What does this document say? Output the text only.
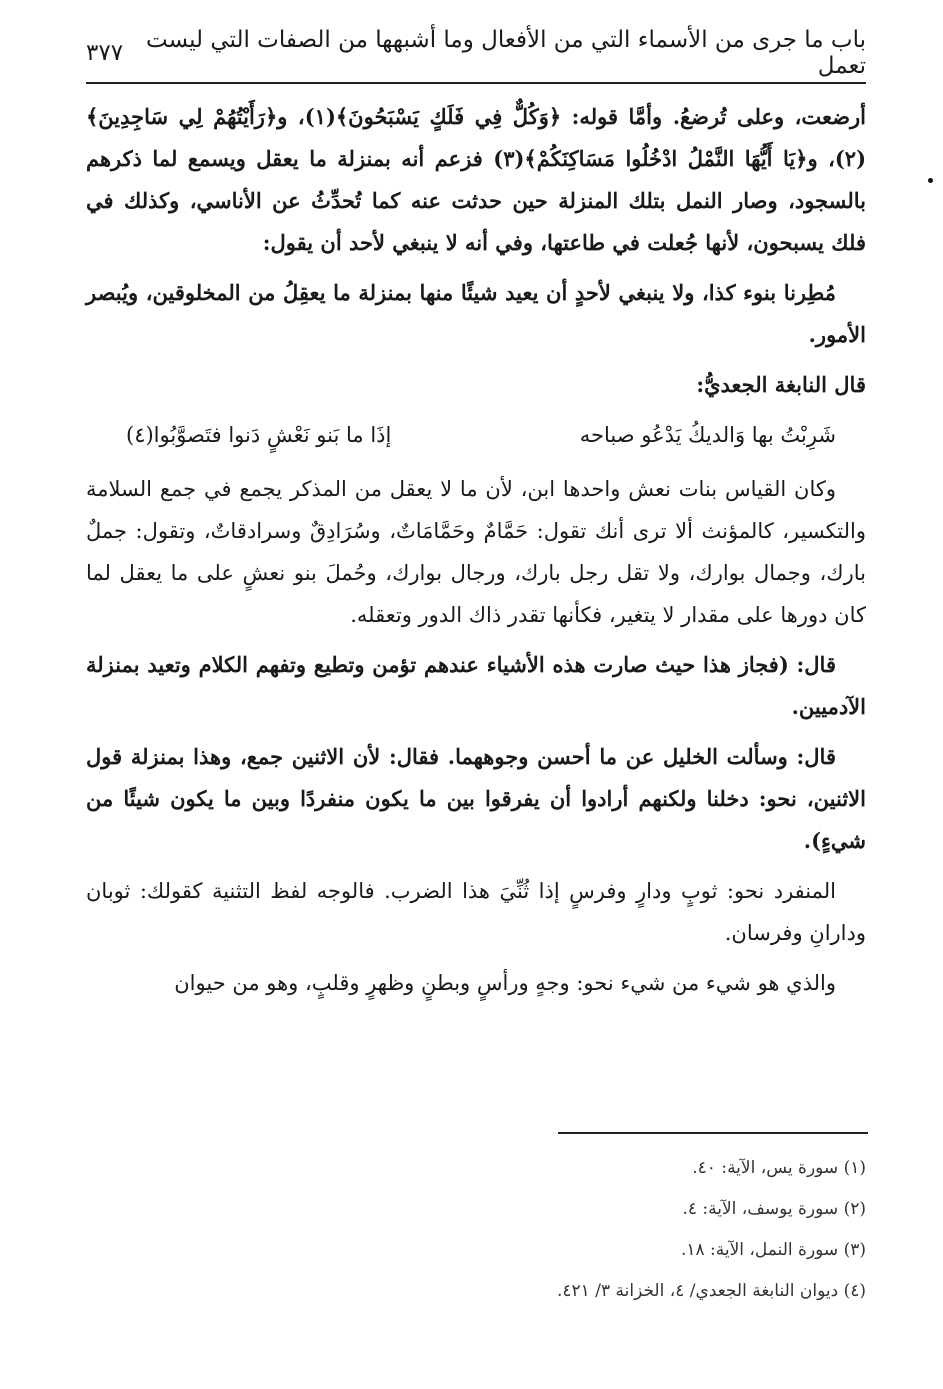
باب ما جرى من الأسماء التي من الأفعال وما أشبهها من الصفات التي ليست تعمل
٣٧٧

أرضعت، وعلى تُرضعُ. وأمَّا قوله: ﴿وَكُلٌّ فِي فَلَكٍ يَسْبَحُونَ﴾(١)، و﴿رَأَيْتُهُمْ لِي سَاجِدِينَ﴾(٢)، و﴿يَا أَيُّهَا النَّمْلُ ادْخُلُوا مَسَاكِنَكُمْ﴾(٣) فزعم أنه بمنزلة ما يعقل ويسمع لما ذكرهم بالسجود، وصار النمل بتلك المنزلة حين حدثت عنه كما تُحدِّثُ عن الأناسي، وكذلك في فلك يسبحون، لأنها جُعلت في طاعتها، وفي أنه لا ينبغي لأحد أن يقول:

مُطِرنا بنوء كذا، ولا ينبغي لأحدٍ أن يعيد شيئًا منها بمنزلة ما يعقِلُ من المخلوقين، ويُبصر الأمور.

قال النابغة الجعديُّ:

شَرِبْتُ بها وَالديكُ يَدْعُو صباحه
إذَا ما بَنو نَعْشٍ دَنوا فتَصوَّبُوا(٤)

وكان القياس بنات نعش واحدها ابن، لأن ما لا يعقل من المذكر يجمع في جمع السلامة والتكسير، كالمؤنث ألا ترى أنك تقول: حَمَّامٌ وحَمَّامَاتٌ، وسُرَادِقٌ وسرادقاتٌ، وتقول: جملٌ بارك، وجمال بوارك، ولا تقل رجل بارك، ورجال بوارك، وحُملَ بنو نعشٍ على ما يعقل لما كان دورها على مقدار لا يتغير، فكأنها تقدر ذاك الدور وتعقله.

قال: (فجاز هذا حيث صارت هذه الأشياء عندهم تؤمن وتطيع وتفهم الكلام وتعيد بمنزلة الآدميين.

قال: وسألت الخليل عن ما أحسن وجوههما. فقال: لأن الاثنين جمع، وهذا بمنزلة قول الاثنين، نحو: دخلنا ولكنهم أرادوا أن يفرقوا بين ما يكون منفردًا وبين ما يكون شيئًا من شيءٍ).

المنفرد نحو: ثوبٍ ودارٍ وفرسٍ إذا ثُنِّيَ هذا الضرب. فالوجه لفظ التثنية كقولك: ثوبان ودارانِ وفرسان.

والذي هو شيء من شيء نحو: وجهٍ ورأسٍ وبطنٍ وظهرٍ وقلبٍ، وهو من حيوان

(١) سورة يس، الآية: ٤٠.
(٢) سورة يوسف، الآية: ٤.
(٣) سورة النمل، الآية: ١٨.
(٤) ديوان النابغة الجعدي/ ٤، الخزانة ٣/ ٤٢١.
